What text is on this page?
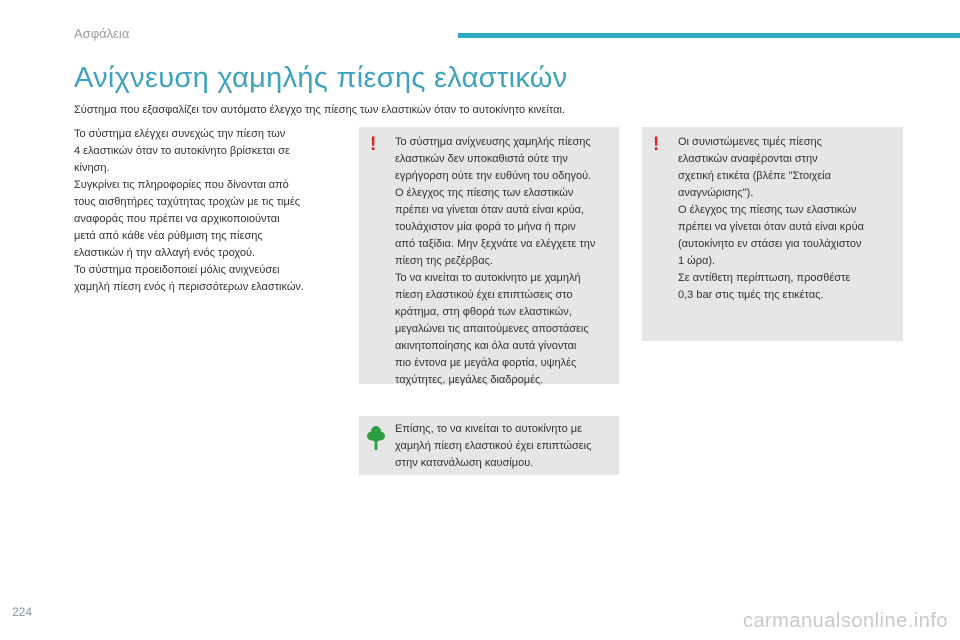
Ασφάλεια
Ανίχνευση χαμηλής πίεσης ελαστικών
Σύστημα που εξασφαλίζει τον αυτόματο έλεγχο της πίεσης των ελαστικών όταν το αυτοκίνητο κινείται.

Το σύστημα ελέγχει συνεχώς την πίεση των

4 ελαστικών όταν το αυτοκίνητο βρίσκεται σε

κίνηση.

Συγκρίνει τις πληροφορίες που δίνονται από

τους αισθητήρες ταχύτητας τροχών με τις τιμές

αναφοράς που πρέπει να αρχικοποιούνται

μετά από κάθε νέα ρύθμιση της πίεσης

ελαστικών ή την αλλαγή ενός τροχού.

Το σύστημα προειδοποιεί μόλις ανιχνεύσει

χαμηλή πίεση ενός ή περισσότερων ελαστικών.

! Το σύστημα ανίχνευσης χαμηλής πίεσης

ελαστικών δεν υποκαθιστά ούτε την

εγρήγορση ούτε την ευθύνη του οδηγού.

Ο έλεγχος της πίεσης των ελαστικών

πρέπει να γίνεται όταν αυτά είναι κρύα,

τουλάχιστον μία φορά το μήνα ή πριν

από ταξίδια. Μην ξεχνάτε να ελέγχετε την

πίεση της ρεζέρβας.

Το να κινείται το αυτοκίνητο με χαμηλή

πίεση ελαστικού έχει επιπτώσεις στο

κράτημα, στη φθορά των ελαστικών,

μεγαλώνει τις απαιτούμενες αποστάσεις

ακινητοποίησης και όλα αυτά γίνονται

πιο έντονα με μεγάλα φορτία, υψηλές

ταχύτητες, μεγάλες διαδρομές.

! Οι συνιστώμενες τιμές πίεσης

ελαστικών αναφέρονται στην

σχετική ετικέτα (βλέπε "Στοιχεία

αναγνώρισης").

Ο έλεγχος της πίεσης των ελαστικών

πρέπει να γίνεται όταν αυτά είναι κρύα

(αυτοκίνητο εν στάσει για τουλάχιστον

1 ώρα).

Σε αντίθετη περίπτωση, προσθέστε

0,3 bar στις τιμές της ετικέτας.

Επίσης, το να κινείται το αυτοκίνητο με

χαμηλή πίεση ελαστικού έχει επιπτώσεις

στην κατανάλωση καυσίμου.

224	carmanualsonline.info
